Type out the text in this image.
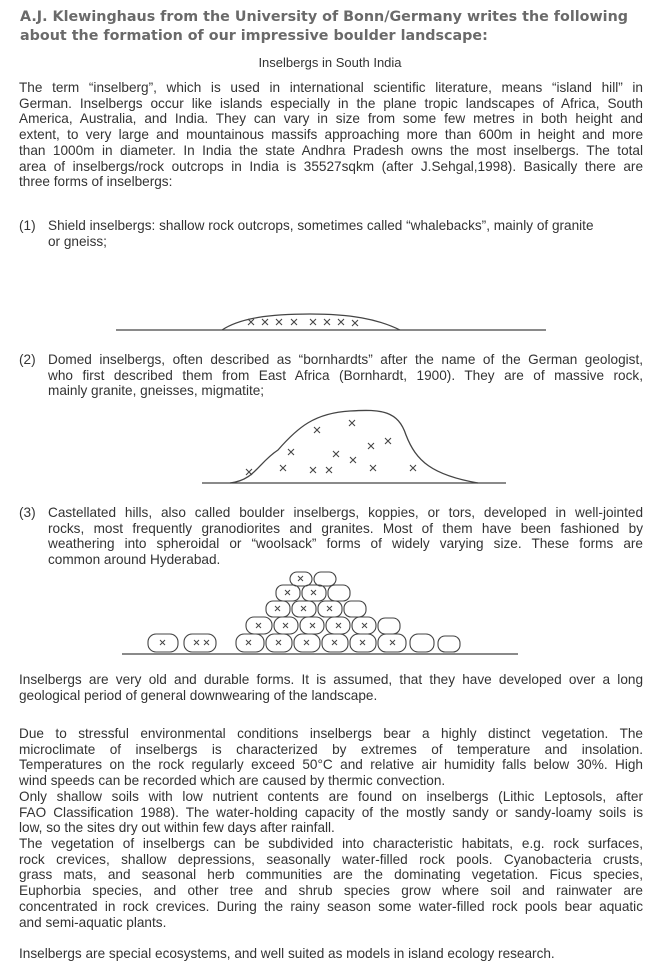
A.J. Klewinghaus from the University of Bonn/Germany writes the following
about the formation of our impressive boulder landscape:
Inselbergs in South India
The term “inselberg”, which is used in international scientific literature, means “island hill” in
German. Inselbergs occur like islands especially in the plane tropic landscapes of Africa, South
America, Australia, and India. They can vary in size from some few metres in both height and
extent, to very large and mountainous massifs approaching more than 600m in height and more
than 1000m in diameter. In India the state Andhra Pradesh owns the most inselbergs. The total
area of inselbergs/rock outcrops in India is 35527sqkm (after J.Sehgal,1998). Basically there are
three forms of inselbergs:
(1) Shield inselbergs: shallow rock outcrops, sometimes called “whalebacks”, mainly of granite
or gneiss;
(2) Domed inselbergs, often described as “bornhardts” after the name of the German geologist,
who first described them from East Africa (Bornhardt, 1900). They are of massive rock,
mainly granite, gneisses, migmatite;
(3) Castellated hills, also called boulder inselbergs, koppies, or tors, developed in well-jointed
rocks, most frequently granodiorites and granites. Most of them have been fashioned by
weathering into spheroidal or “woolsack” forms of widely varying size. These forms are
common around Hyderabad.
Inselbergs are very old and durable forms. It is assumed, that they have developed over a long
geological period of general downwearing of the landscape.
Due to stressful environmental conditions inselbergs bear a highly distinct vegetation. The
microclimate of inselbergs is characterized by extremes of temperature and insolation.
Temperatures on the rock regularly exceed 50°C and relative air humidity falls below 30%. High
wind speeds can be recorded which are caused by thermic convection.
Only shallow soils with low nutrient contents are found on inselbergs (Lithic Leptosols, after
FAO Classification 1988). The water-holding capacity of the mostly sandy or sandy-loamy soils is
low, so the sites dry out within few days after rainfall.
The vegetation of inselbergs can be subdivided into characteristic habitats, e.g. rock surfaces,
rock crevices, shallow depressions, seasonally water-filled rock pools. Cyanobacteria crusts,
grass mats, and seasonal herb communities are the dominating vegetation. Ficus species,
Euphorbia species, and other tree and shrub species grow where soil and rainwater are
concentrated in rock crevices. During the rainy season some water-filled rock pools bear aquatic
and semi-aquatic plants.
Inselbergs are special ecosystems, and well suited as models in island ecology research.
